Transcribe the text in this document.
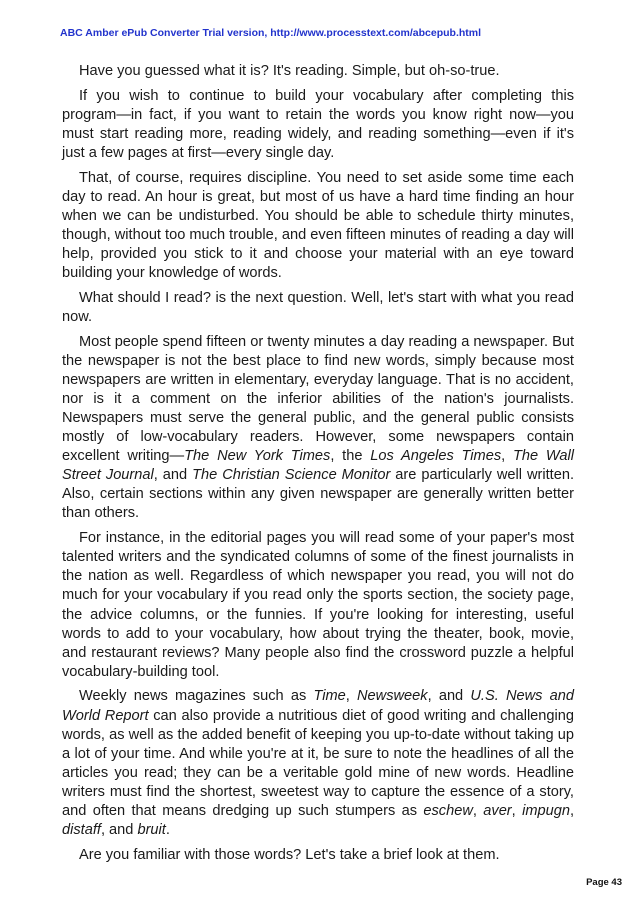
ABC Amber ePub Converter Trial version, http://www.processtext.com/abcepub.html

Have you guessed what it is? It's reading. Simple, but oh-so-true.

If you wish to continue to build your vocabulary after completing this program—in fact, if you want to retain the words you know right now—you must start reading more, reading widely, and reading something—even if it's just a few pages at first—every single day.

That, of course, requires discipline. You need to set aside some time each day to read. An hour is great, but most of us have a hard time finding an hour when we can be undisturbed. You should be able to schedule thirty minutes, though, without too much trouble, and even fifteen minutes of reading a day will help, provided you stick to it and choose your material with an eye toward building your knowledge of words.

What should I read? is the next question. Well, let's start with what you read now.

Most people spend fifteen or twenty minutes a day reading a newspaper. But the newspaper is not the best place to find new words, simply because most newspapers are written in elementary, everyday language. That is no accident, nor is it a comment on the inferior abilities of the nation's journalists. Newspapers must serve the general public, and the general public consists mostly of low-vocabulary readers. However, some newspapers contain excellent writing—The New York Times, the Los Angeles Times, The Wall Street Journal, and The Christian Science Monitor are particularly well written. Also, certain sections within any given newspaper are generally written better than others.

For instance, in the editorial pages you will read some of your paper's most talented writers and the syndicated columns of some of the finest journalists in the nation as well. Regardless of which newspaper you read, you will not do much for your vocabulary if you read only the sports section, the society page, the advice columns, or the funnies. If you're looking for interesting, useful words to add to your vocabulary, how about trying the theater, book, movie, and restaurant reviews? Many people also find the crossword puzzle a helpful vocabulary-building tool.

Weekly news magazines such as Time, Newsweek, and U.S. News and World Report can also provide a nutritious diet of good writing and challenging words, as well as the added benefit of keeping you up-to-date without taking up a lot of your time. And while you're at it, be sure to note the headlines of all the articles you read; they can be a veritable gold mine of new words. Headline writers must find the shortest, sweetest way to capture the essence of a story, and often that means dredging up such stumpers as eschew, aver, impugn, distaff, and bruit.

Are you familiar with those words? Let's take a brief look at them.

Page 43
